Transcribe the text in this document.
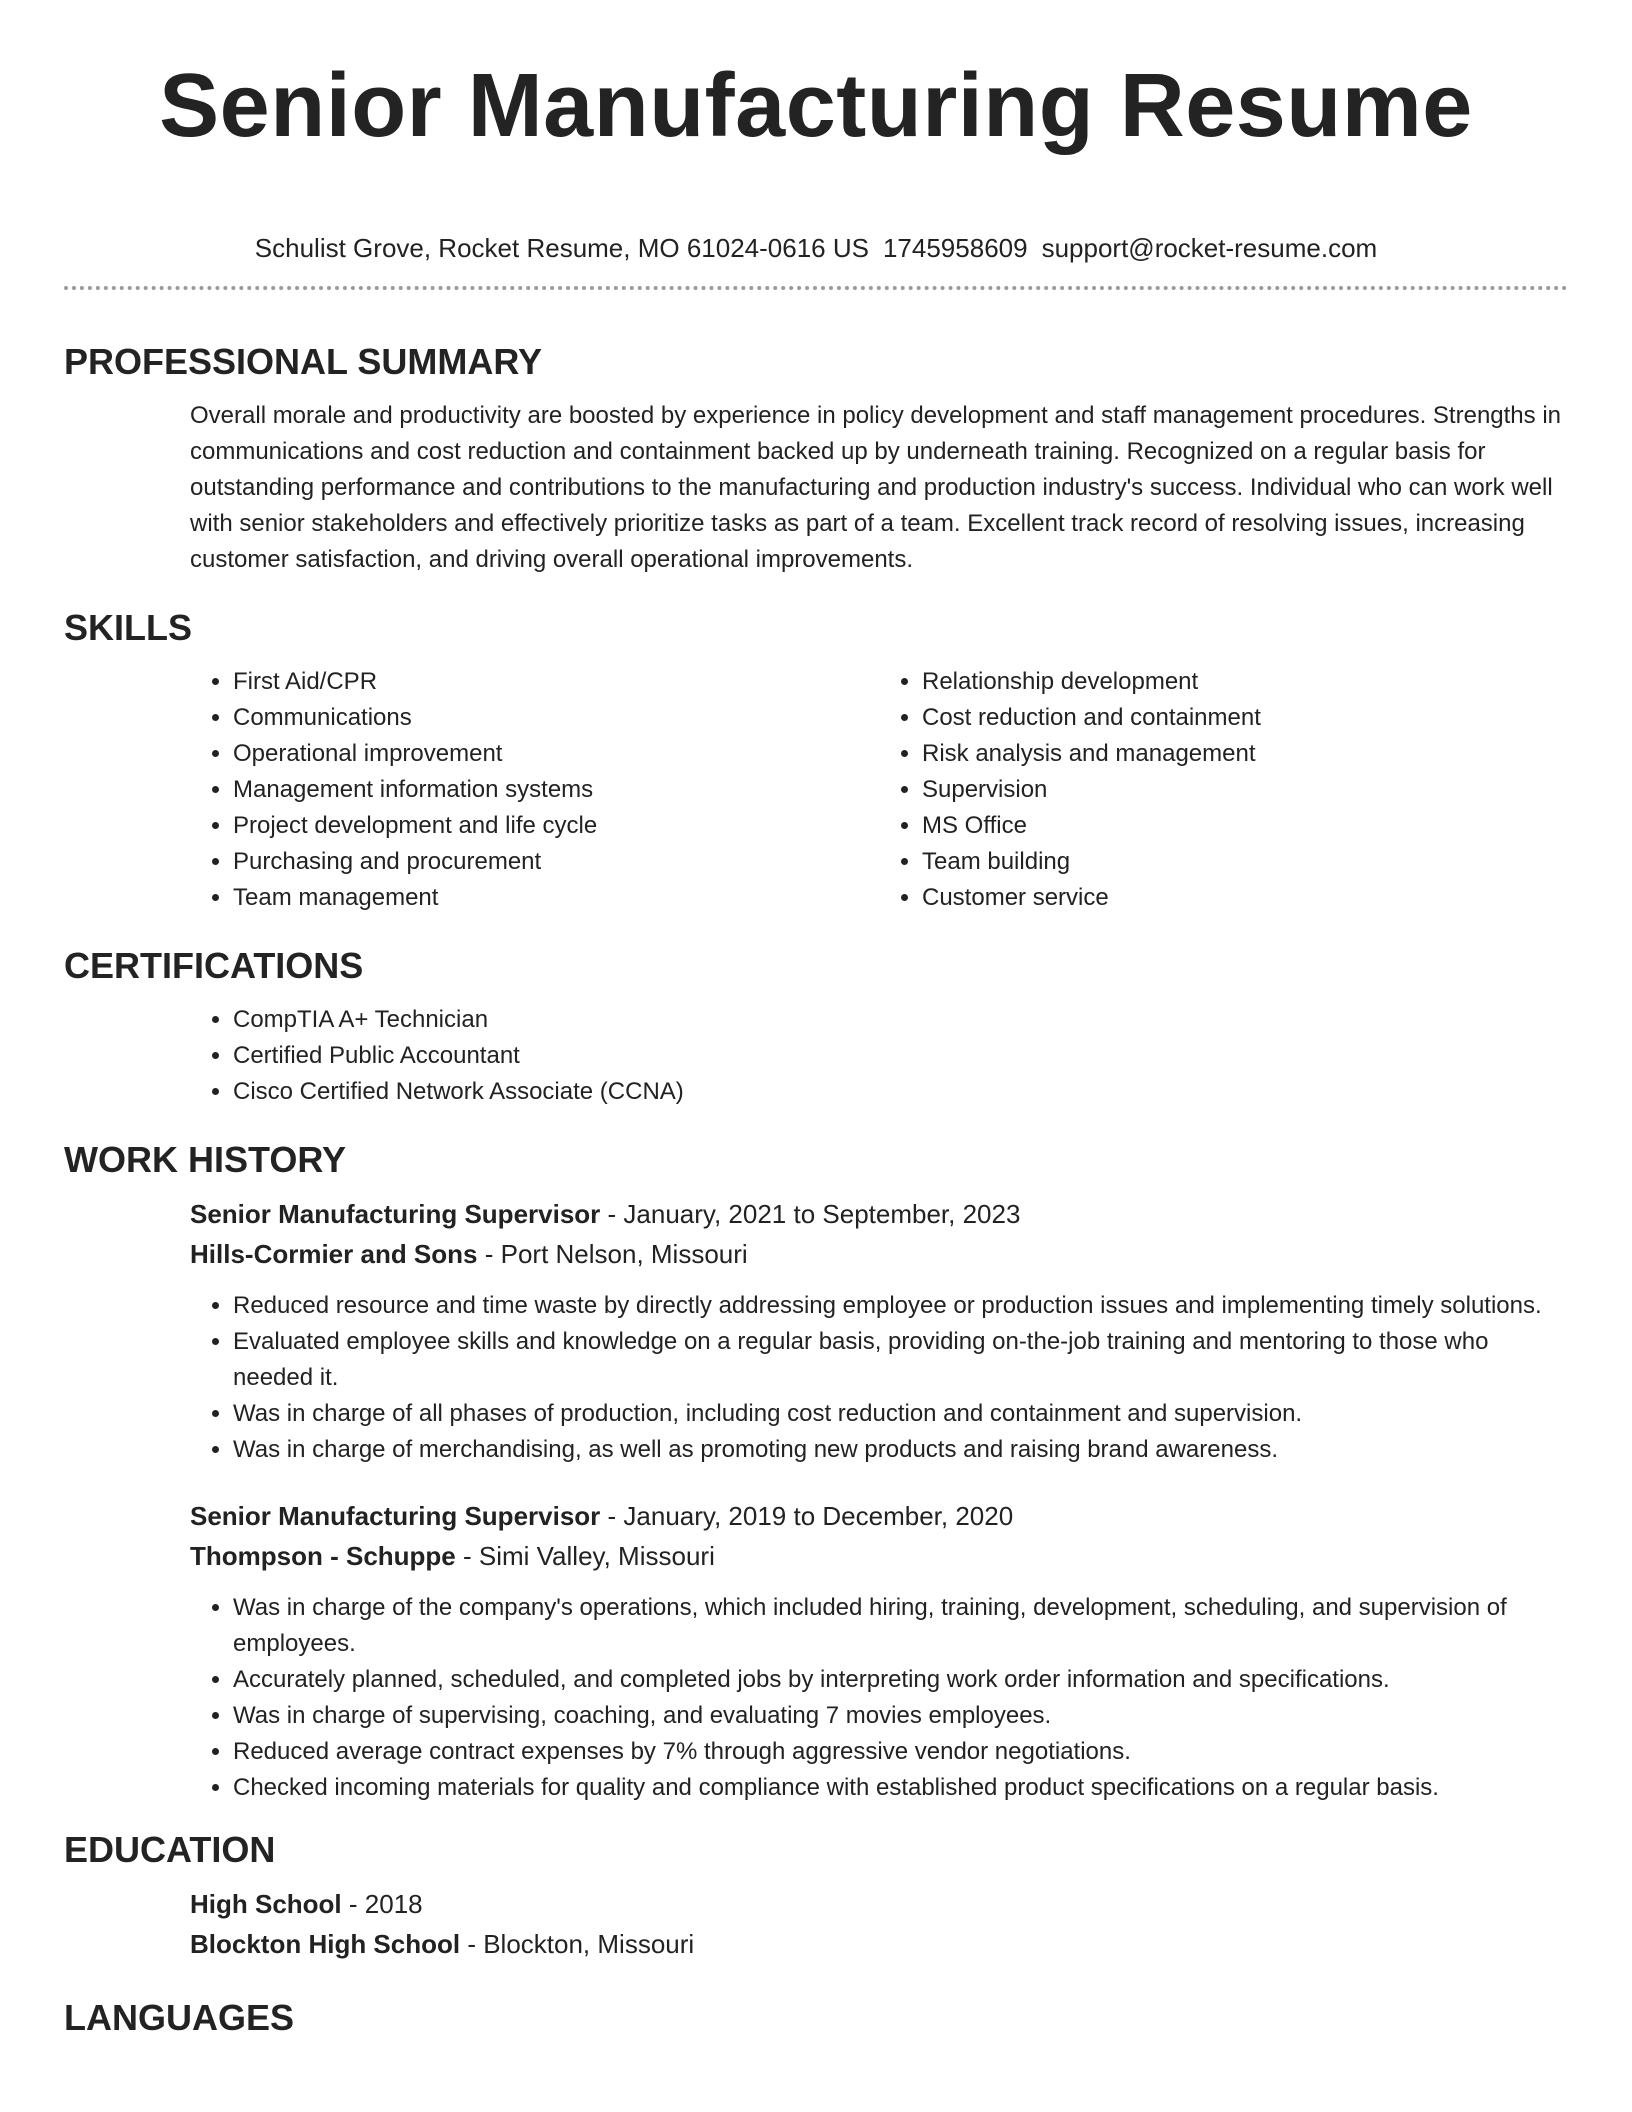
Senior Manufacturing Resume
Schulist Grove, Rocket Resume, MO 61024-0616 US 1745958609 support@rocket-resume.com
PROFESSIONAL SUMMARY

Overall morale and productivity are boosted by experience in policy development and staff management procedures. Strengths in communications and cost reduction and containment backed up by underneath training. Recognized on a regular basis for outstanding performance and contributions to the manufacturing and production industry's success. Individual who can work well with senior stakeholders and effectively prioritize tasks as part of a team. Excellent track record of resolving issues, increasing customer satisfaction, and driving overall operational improvements.

SKILLS
• First Aid/CPR
• Communications
• Operational improvement
• Management information systems
• Project development and life cycle
• Purchasing and procurement
• Team management
• Relationship development
• Cost reduction and containment
• Risk analysis and management
• Supervision
• MS Office
• Team building
• Customer service
CERTIFICATIONS
• CompTIA A+ Technician
• Certified Public Accountant
• Cisco Certified Network Associate (CCNA)
WORK HISTORY

Senior Manufacturing Supervisor - January, 2021 to September, 2023

Hills-Cormier and Sons - Port Nelson, Missouri

• Reduced resource and time waste by directly addressing employee or production issues and implementing timely solutions.
• Evaluated employee skills and knowledge on a regular basis, providing on-the-job training and mentoring to those who needed it.
• Was in charge of all phases of production, including cost reduction and containment and supervision.
• Was in charge of merchandising, as well as promoting new products and raising brand awareness.

Senior Manufacturing Supervisor - January, 2019 to December, 2020

Thompson - Schuppe - Simi Valley, Missouri

• Was in charge of the company's operations, which included hiring, training, development, scheduling, and supervision of employees.
• Accurately planned, scheduled, and completed jobs by interpreting work order information and specifications.
• Was in charge of supervising, coaching, and evaluating 7 movies employees.
• Reduced average contract expenses by 7% through aggressive vendor negotiations.
• Checked incoming materials for quality and compliance with established product specifications on a regular basis.
EDUCATION

High School - 2018

Blockton High School - Blockton, Missouri

LANGUAGES
